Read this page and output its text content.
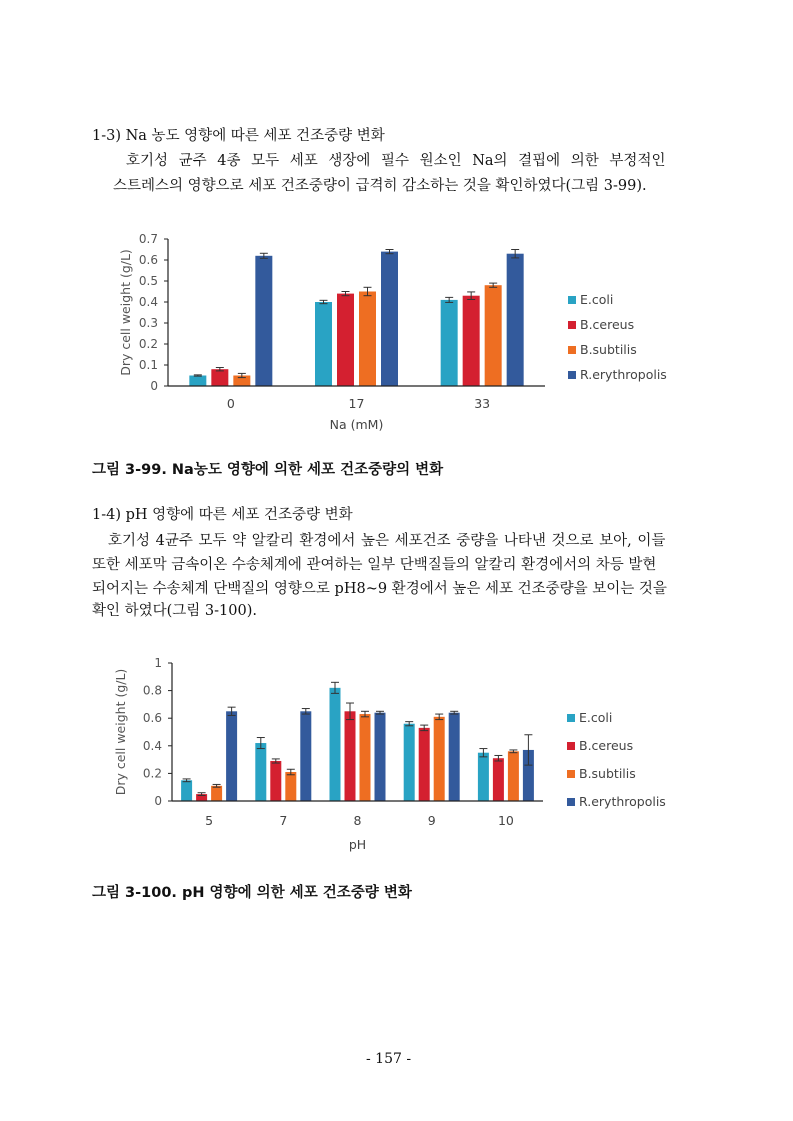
1-3) Na 농도 영향에 따른 세포 건조중량 변화
호기성 균주 4종 모두 세포 생장에 필수 원소인 Na의 결핍에 의한 부정적인
스트레스의 영향으로 세포 건조중량이 급격히 감소하는 것을 확인하였다(그림 3-99).
0
0.1
0.2
0.3
0.4
0.5
0.6
0.7
0	17	33
Na (mM)
Dry cell weight (g/L)	E.coli
B.cereus
B.subtilis
R.erythropolis
그림 3-99. Na농도 영향에 의한 세포 건조중량의 변화
1-4) pH 영향에 따른 세포 건조중량 변화
호기성 4균주 모두 약 알칼리 환경에서 높은 세포건조 중량을 나타낸 것으로 보아, 이들
또한 세포막 금속이온 수송체계에 관여하는 일부 단백질들의 알칼리 환경에서의 차등 발현
되어지는 수송체계 단백질의 영향으로 pH8~9 환경에서 높은 세포 건조중량을 보이는 것을
확인 하였다(그림 3-100).
0
0.2
0.4
0.6
0.8
1
5	7	8	9	10
pH
Dry cell weight (g/L)	E.coli
B.cereus
B.subtilis
R.erythropolis
그림 3-100. pH 영향에 의한 세포 건조중량 변화
- 157 -
